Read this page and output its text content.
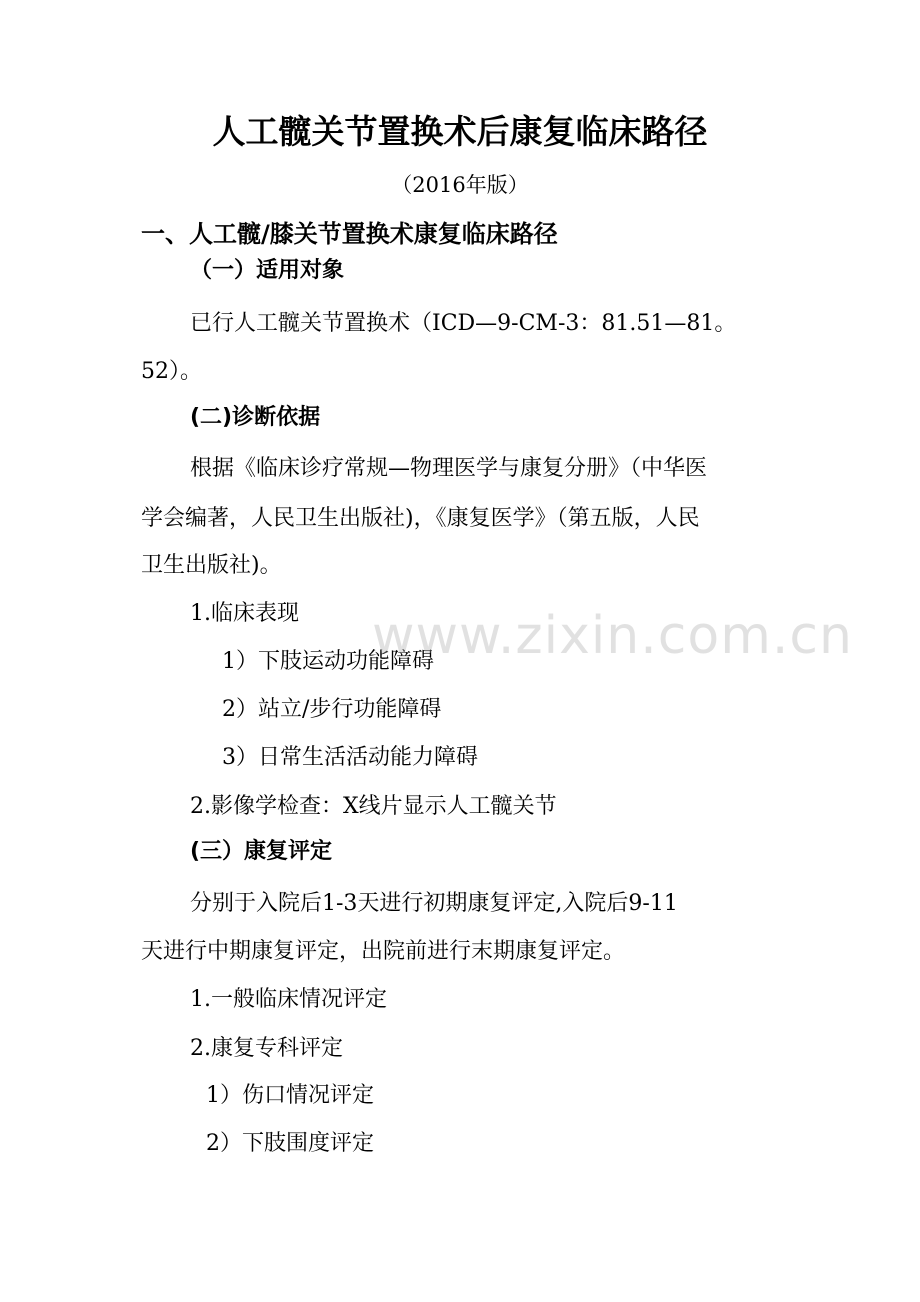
人工髋关节置换术后康复临床路径
（2016年版）
一、人工髋/膝关节置换术康复临床路径
（一）适用对象
已行人工髋关节置换术（ICD—9-CM-3：81.51—81。
52）。
(二)诊断依据
根据《临床诊疗常规—物理医学与康复分册》（中华医
学会编著，人民卫生出版社)，《康复医学》（第五版，人民
卫生出版社)。
1.临床表现
1）下肢运动功能障碍
2）站立/步行功能障碍
3）日常生活活动能力障碍
2.影像学检查：X线片显示人工髋关节
(三）康复评定
分别于入院后1-3天进行初期康复评定,入院后9-11
天进行中期康复评定，出院前进行末期康复评定。
1.一般临床情况评定
2.康复专科评定
1）伤口情况评定
2）下肢围度评定
www.zixin.com.cn
